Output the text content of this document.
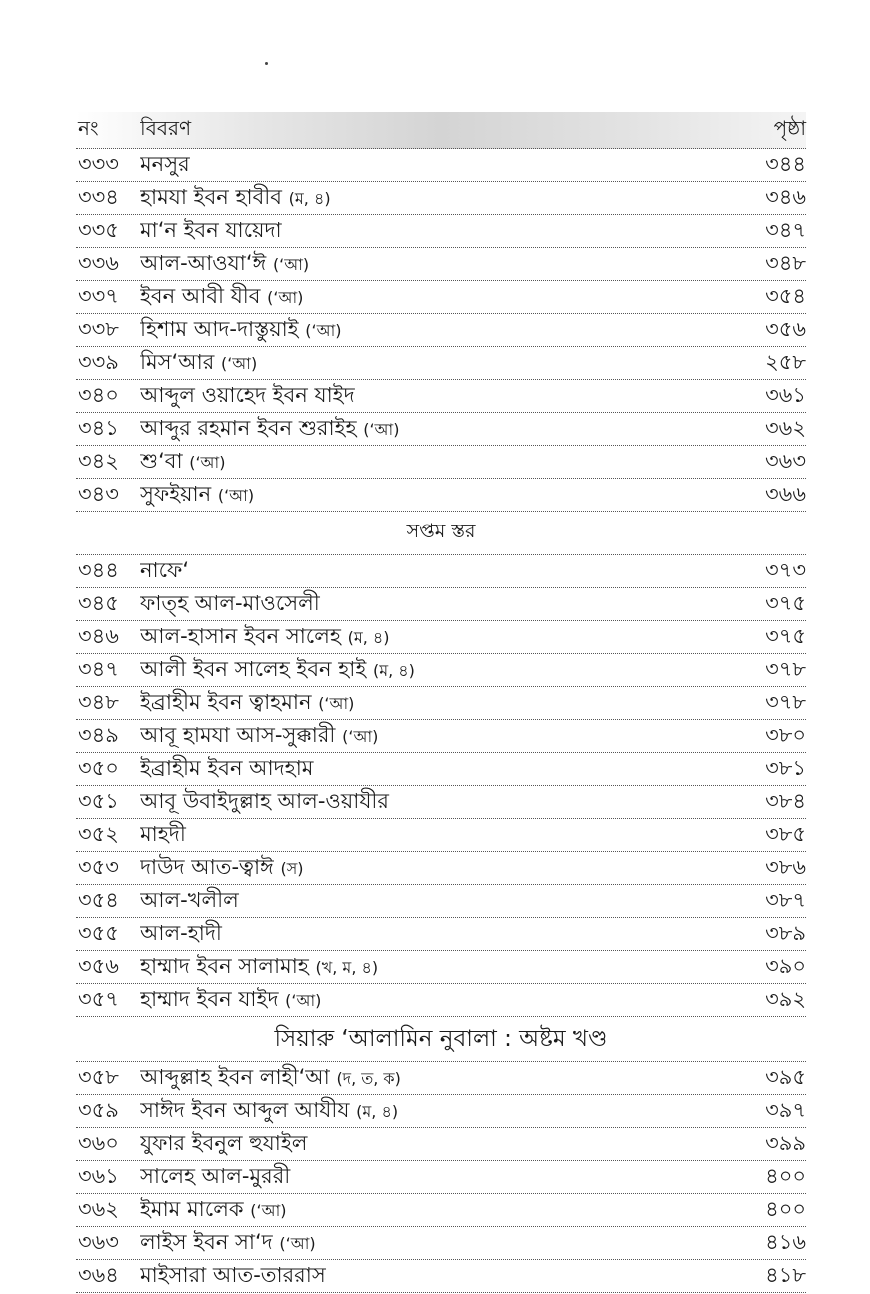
নং	বিবরণ	পৃষ্ঠা
৩৩৩	মনসুর	৩৪৪
৩৩৪	হামযা ইবন হাবীব (ম, ৪)	৩৪৬
৩৩৫	মা‘ন ইবন যায়েদা	৩৪৭
৩৩৬	আল-আওযা‘ঈ (‘আ)	৩৪৮
৩৩৭	ইবন আবী যীব (‘আ)	৩৫৪
৩৩৮	হিশাম আদ-দাস্তুয়াই (‘আ)	৩৫৬
৩৩৯	মিস‘আর (‘আ)	২৫৮
৩৪০	আব্দুল ওয়াহেদ ইবন যাইদ	৩৬১
৩৪১	আব্দুর রহমান ইবন শুরাইহ (‘আ)	৩৬২
৩৪২	শু‘বা (‘আ)	৩৬৩
৩৪৩	সুফইয়ান (‘আ)	৩৬৬
সপ্তম স্তর
৩৪৪	নাফে‘	৩৭৩
৩৪৫	ফাত্হ আল-মাওসেলী	৩৭৫
৩৪৬	আল-হাসান ইবন সালেহ (ম, ৪)	৩৭৫
৩৪৭	আলী ইবন সালেহ ইবন হাই (ম, ৪)	৩৭৮
৩৪৮	ইব্রাহীম ইবন ত্বাহমান (‘আ)	৩৭৮
৩৪৯	আবূ হামযা আস-সুক্কারী (‘আ)	৩৮০
৩৫০	ইব্রাহীম ইবন আদহাম	৩৮১
৩৫১	আবূ উবাইদুল্লাহ আল-ওয়াযীর	৩৮৪
৩৫২	মাহদী	৩৮৫
৩৫৩	দাউদ আত-ত্বাঈ (স)	৩৮৬
৩৫৪	আল-খলীল	৩৮৭
৩৫৫	আল-হাদী	৩৮৯
৩৫৬	হাম্মাদ ইবন সালামাহ (খ, ম, ৪)	৩৯০
৩৫৭	হাম্মাদ ইবন যাইদ (‘আ)	৩৯২
সিয়ারু ‘আলামিন নুবালা : অষ্টম খণ্ড
৩৫৮	আব্দুল্লাহ ইবন লাহী‘আ (দ, ত, ক)	৩৯৫
৩৫৯	সাঈদ ইবন আব্দুল আযীয (ম, ৪)	৩৯৭
৩৬০	যুফার ইবনুল হুযাইল	৩৯৯
৩৬১	সালেহ আল-মুররী	৪০০
৩৬২	ইমাম মালেক (‘আ)	৪০০
৩৬৩	লাইস ইবন সা‘দ (‘আ)	৪১৬
৩৬৪	মাইসারা আত-তাররাস	৪১৮
